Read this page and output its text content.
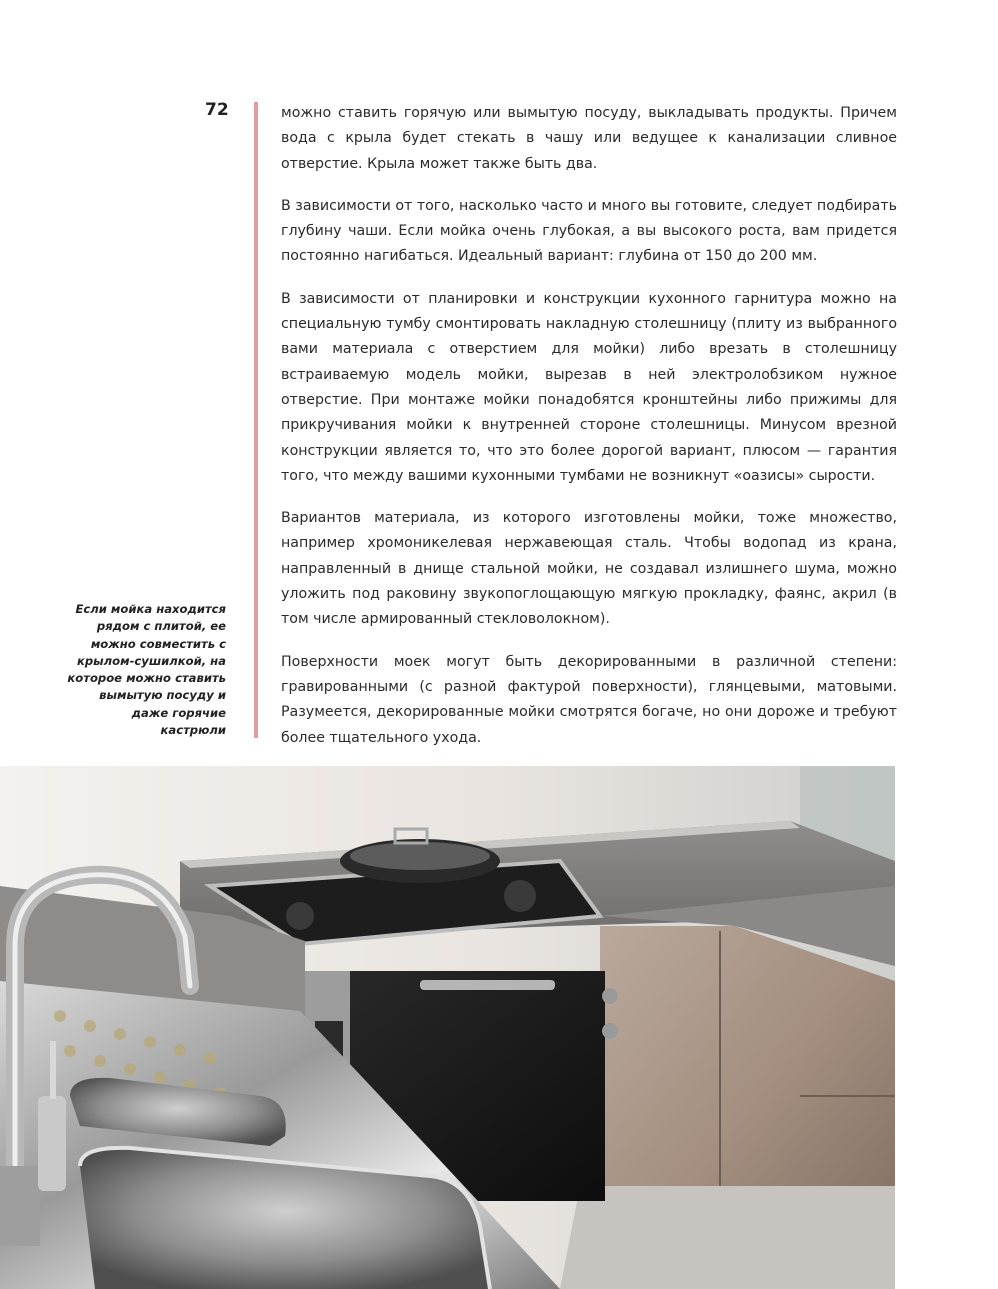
72	можно ставить горячую или вымытую посуду, выкладывать продукты. Причем вода с крыла будет стекать в чашу или ведущее к канализации сливное отверстие. Крыла может также быть два.

В зависимости от того, насколько часто и много вы готовите, следует подбирать глубину чаши. Если мойка очень глубокая, а вы высокого роста, вам придется постоянно нагибаться. Идеальный вариант: глубина от 150 до 200 мм.

В зависимости от планировки и конструкции кухонного гарнитура можно на специальную тумбу смонтировать накладную столешницу (плиту из выбранного вами материала с отверстием для мойки) либо врезать в столешницу встраиваемую модель мойки, вырезав в ней электролобзиком нужное отверстие. При монтаже мойки понадобятся кронштейны либо прижимы для прикручивания мойки к внутренней стороне столешницы. Минусом врезной конструкции является то, что это более дорогой вариант, плюсом — гарантия того, что между вашими кухонными тумбами не возникнут «оазисы» сырости.

Вариантов материала, из которого изготовлены мойки, тоже множество, например хромоникелевая нержавеющая сталь. Чтобы водопад из крана, направленный в днище стальной мойки, не создавал излишнего шума, можно уложить под раковину звукопоглощающую мягкую прокладку, фаянс, акрил (в том числе армированный стекловолокном).

Поверхности моек могут быть декорированными в различной степени: гравированными (с разной фактурой поверхности), глянцевыми, матовыми. Разумеется, декорированные мойки смотрятся богаче, но они дороже и требуют более тщательного ухода.

Если мойка находится рядом с плитой, ее можно совместить с крылом-сушилкой, на которое можно ставить вымытую посуду и даже горячие кастрюли
